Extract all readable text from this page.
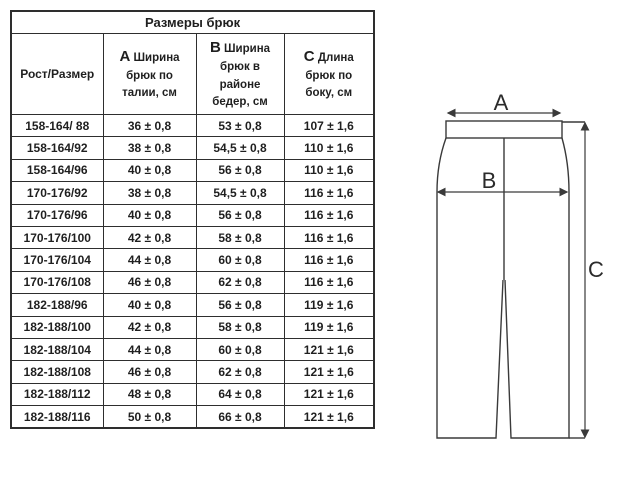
Размеры брюк			
Рост/Размер	A Ширина брюк по талии, см	B Ширина брюк в районе бедер, см	C Длина брюк по боку, см
158-164/ 88	36 ± 0,8	53 ± 0,8	107 ± 1,6
158-164/92	38 ± 0,8	54,5 ± 0,8	110 ± 1,6
158-164/96	40 ± 0,8	56 ± 0,8	110 ± 1,6
170-176/92	38 ± 0,8	54,5 ± 0,8	116 ± 1,6
170-176/96	40 ± 0,8	56 ± 0,8	116 ± 1,6
170-176/100	42 ± 0,8	58 ± 0,8	116 ± 1,6
170-176/104	44 ± 0,8	60 ± 0,8	116 ± 1,6
170-176/108	46 ± 0,8	62 ± 0,8	116 ± 1,6
182-188/96	40 ± 0,8	56 ± 0,8	119 ± 1,6
182-188/100	42 ± 0,8	58 ± 0,8	119 ± 1,6
182-188/104	44 ± 0,8	60 ± 0,8	121 ± 1,6
182-188/108	46 ± 0,8	62 ± 0,8	121 ± 1,6
182-188/112	48 ± 0,8	64 ± 0,8	121 ± 1,6
182-188/116	50 ± 0,8	66 ± 0,8	121 ± 1,6
A
B
C
